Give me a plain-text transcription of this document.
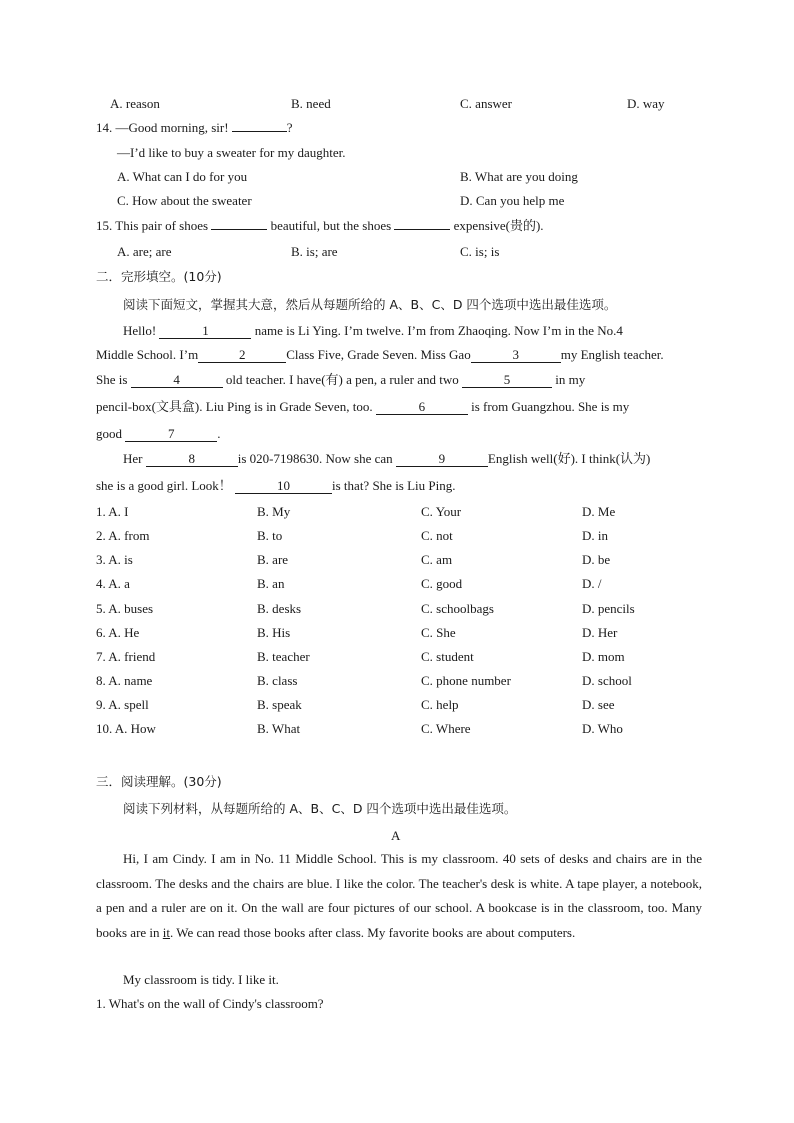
A. reason	B. need	C. answer	D. way
14. —Good morning, sir!	?
—I’d like to buy a sweater for my daughter.
A. What can I do for you	B. What are you doing
C. How about the sweater	D. Can you help me
15. This pair of shoes	beautiful, but the shoes	expensive(贵的).
A. are; are	B. is; are	C. is; is
二．完形填空。(10分)
阅读下面短文，掌握其大意，然后从每题所给的 A、B、C、D 四个选项中选出最佳选项。
Hello!	1	name is Li Ying. I’m twelve. I’m from Zhaoqing. Now I’m in the No.4
Middle School. I’m	2	Class Five, Grade Seven. Miss Gao	3	my English teacher.
She is	4	old teacher. I have(有) a pen, a ruler and two	5	in my
pencil-box(文具盒). Liu Ping is in Grade Seven, too.	6	is from Guangzhou. She is my
good	7	.
Her	8	is 020-7198630. Now she can	9	English well(好). I think(认为)
she is a good girl. Look！	10	is that? She is Liu Ping.
1. A. I	B. My	C. Your	D. Me
2. A. from	B. to	C. not	D. in
3. A. is	B. are	C. am	D. be
4. A. a	B. an	C. good	D. /
5. A. buses	B. desks	C. schoolbags	D. pencils
6. A. He	B. His	C. She	D. Her
7. A. friend	B. teacher	C. student	D. mom
8. A. name	B. class	C. phone number	D. school
9. A. spell	B. speak	C. help	D. see
10. A. How	B. What	C. Where	D. Who
三．阅读理解。(30分)
阅读下列材料，从每题所给的 A、B、C、D 四个选项中选出最佳选项。
A
Hi, I am Cindy. I am in No. 11 Middle School. This is my classroom. 40 sets of desks and chairs are in the classroom. The desks and the chairs are blue. I like the color. The teacher's desk is white. A tape player, a notebook, a pen and a ruler are on it. On the wall are four pictures of our school. A bookcase is in the classroom, too. Many books are in it. We can read those books after class. My favorite books are about computers.
My classroom is tidy. I like it.
1. What's on the wall of Cindy's classroom?
